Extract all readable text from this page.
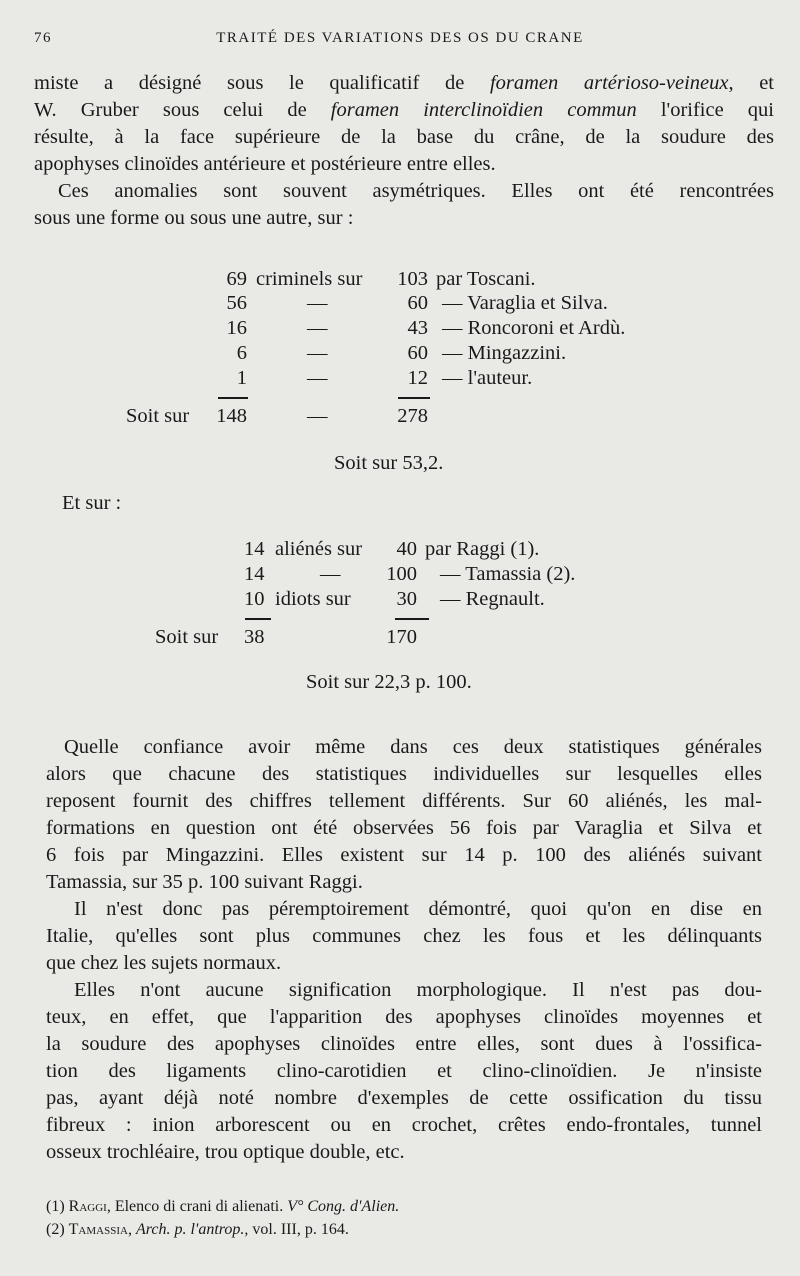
76	TRAITÉ DES VARIATIONS DES OS DU CRANE
miste a désigné sous le qualificatif de foramen artérioso-veineux, et
W. Gruber sous celui de foramen interclinoïdien commun l'orifice qui
résulte, à la face supérieure de la base du crâne, de la soudure des
apophyses clinoïdes antérieure et postérieure entre elles.
Ces anomalies sont souvent asymétriques. Elles ont été rencontrées
sous une forme ou sous une autre, sur :
69 criminels sur 103 par Toscani.
56	—	60 — Varaglia et Silva.
16	—	43 — Roncoroni et Ardù.
6	—	60 — Mingazzini.
1	—	12 — l'auteur.
Soit sur 148	—	278
Soit sur 53,2.
Et sur :
14 aliénés sur 40 par Raggi (1).
14	— 100 — Tamassia (2).
10 idiots sur 30 — Regnault.
Soit sur 38	170
Soit sur 22,3 p. 100.
Quelle confiance avoir même dans ces deux statistiques générales
alors que chacune des statistiques individuelles sur lesquelles elles
reposent fournit des chiffres tellement différents. Sur 60 aliénés, les mal-
formations en question ont été observées 56 fois par Varaglia et Silva et
6 fois par Mingazzini. Elles existent sur 14 p. 100 des aliénés suivant
Tamassia, sur 35 p. 100 suivant Raggi.
Il n'est donc pas péremptoirement démontré, quoi qu'on en dise en
Italie, qu'elles sont plus communes chez les fous et les délinquants
que chez les sujets normaux.
Elles n'ont aucune signification morphologique. Il n'est pas dou-
teux, en effet, que l'apparition des apophyses clinoïdes moyennes et
la soudure des apophyses clinoïdes entre elles, sont dues à l'ossifica-
tion des ligaments clino-carotidien et clino-clinoïdien. Je n'insiste
pas, ayant déjà noté nombre d'exemples de cette ossification du tissu
fibreux : inion arborescent ou en crochet, crêtes endo-frontales, tunnel
osseux trochléaire, trou optique double, etc.
(1) Raggi, Elenco di crani di alienati. V° Cong. d'Alien.
(2) Tamassia, Arch. p. l'antrop., vol. III, p. 164.
